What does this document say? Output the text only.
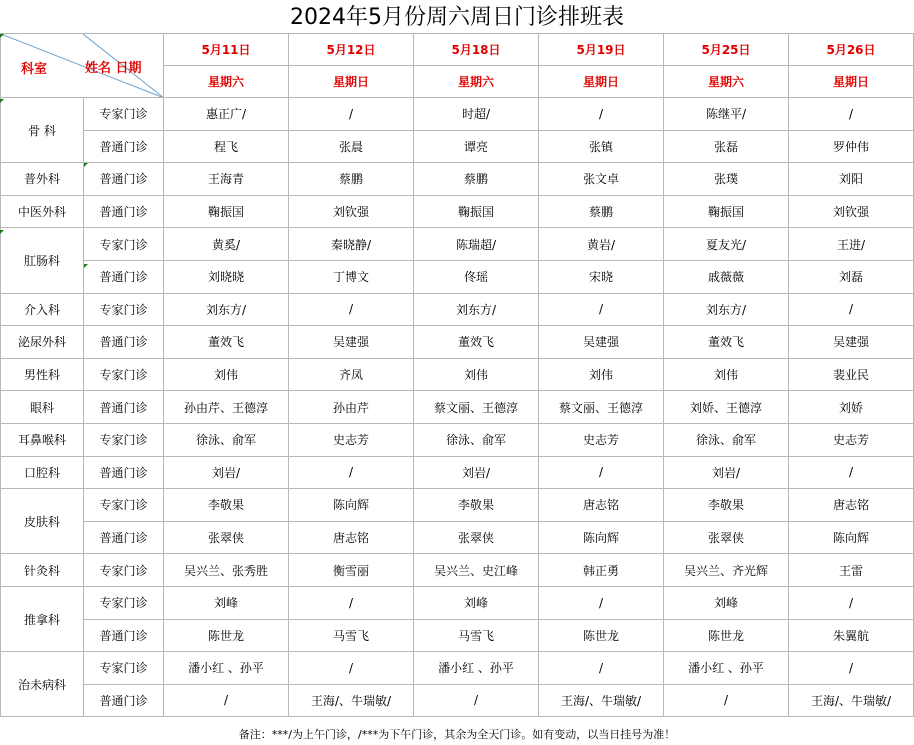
2024年5月份周六周日门诊排班表
科室 姓名 日期		5月11日	5月12日	5月18日	5月19日	5月25日	5月26日
		星期六	星期日	星期六	星期日	星期六	星期日
骨 科	专家门诊	惠正广/	/	时超/	/	陈继平/	/
	普通门诊	程飞	张晨	谭亮	张镇	张磊	罗仲伟
普外科	普通门诊	王海青	蔡鹏	蔡鹏	张文卓	张璞	刘阳
中医外科	普通门诊	鞠振国	刘钦强	鞠振国	蔡鹏	鞠振国	刘钦强
肛肠科	专家门诊	黄奚/	秦晓静/	陈瑞超/	黄岩/	夏友光/	王进/
	普通门诊	刘晓晓	丁博文	佟瑶	宋晓	戚薇薇	刘磊
介入科	专家门诊	刘东方/	/	刘东方/	/	刘东方/	/
泌尿外科	普通门诊	董效飞	吴建强	董效飞	吴建强	董效飞	吴建强
男性科	专家门诊	刘伟	齐凤	刘伟	刘伟	刘伟	裴业民
眼科	普通门诊	孙由芹、王德淳	孙由芹	蔡文丽、王德淳	蔡文丽、王德淳	刘娇、王德淳	刘娇
耳鼻喉科	专家门诊	徐泳、俞军	史志芳	徐泳、俞军	史志芳	徐泳、俞军	史志芳
口腔科	普通门诊	刘岩/	/	刘岩/	/	刘岩/	/
皮肤科	专家门诊	李敬果	陈向辉	李敬果	唐志铭	李敬果	唐志铭
	普通门诊	张翠侠	唐志铭	张翠侠	陈向辉	张翠侠	陈向辉
针灸科	专家门诊	吴兴兰、张秀胜	衡雪丽	吴兴兰、史江峰	韩正勇	吴兴兰、齐光辉	王雷
推拿科	专家门诊	刘峰	/	刘峰	/	刘峰	/
	普通门诊	陈世龙	马雪飞	马雪飞	陈世龙	陈世龙	朱翼航
治未病科	专家门诊	潘小红 、孙平	/	潘小红 、孙平	/	潘小红 、孙平	/
	普通门诊	/	王海/、牛瑞敏/	/	王海/、牛瑞敏/	/	王海/、牛瑞敏/
备注：***/为上午门诊，/***为下午门诊，其余为全天门诊。如有变动，以当日挂号为准！
